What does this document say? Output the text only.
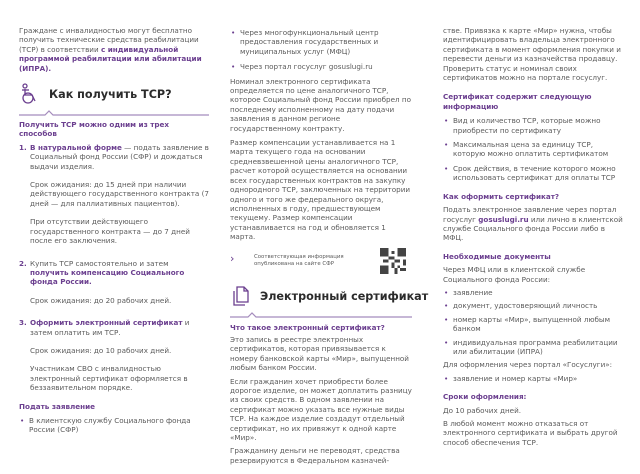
Граждане с инвалидностью могут бесплатно получить технические средства реабилитации (ТСР) в соответствии с индивидуальной программой реабилитации или абилитации (ИПРА).

Как получить ТСР?

Получить ТСР можно одним из трех способов

1. В натуральной форме — подать заявление в Социальный фонд России (СФР) и дождаться выдачи изделия.

Срок ожидания: до 15 дней при наличии действующего государственного контракта (7 дней — для паллиативных пациентов).

При отсутствии действующего государственного контракта — до 7 дней после его заключения.

2. Купить ТСР самостоятельно и затем получить компенсацию Социального фонда России.

Срок ожидания: до 20 рабочих дней.

3. Оформить электронный сертификат и затем оплатить им ТСР.

Срок ожидания: до 10 рабочих дней.

Участникам СВО с инвалидностью электронный сертификат оформляется в беззаявительном порядке.

Подать заявление

• В клиентскую службу Социального фонда России (СФР)
• Через многофункциональный центр предоставления государственных и муниципальных услуг (МФЦ)
• Через портал госуслуг gosuslugi.ru

Номинал электронного сертификата определяется по цене аналогичного ТСР, которое Социальный фонд России приобрел по последнему исполненному на дату подачи заявления в данном регионе государственному контракту.

Размер компенсации устанавливается на 1 марта текущего года на основании средневзвешенной цены аналогичного ТСР, расчет которой осуществляется на основании всех государственных контрактов на закупку однородного ТСР, заключенных на территории одного и того же федерального округа, исполненных в году, предшествующем текущему. Размер компенсации устанавливается на год и обновляется 1 марта.

›	Соответствующая информация опубликована на сайте СФР
Электронный сертификат

Что такое электронный сертификат?

Это запись в реестре электронных сертификатов, которая привязывается к номеру банковской карты «Мир», выпущенной любым банком России.

Если гражданин хочет приобрести более дорогое изделие, он может доплатить разницу из своих средств. В одном заявлении на сертификат можно указать все нужные виды ТСР. На каждое изделие создадут отдельный сертификат, но их привяжут к одной карте «Мир».

Гражданину деньги не переводят, средства резервируются в Федеральном казначей-

стве. Привязка к карте «Мир» нужна, чтобы идентифицировать владельца электронного сертификата в момент оформления покупки и перевести деньги из казначейства продавцу. Проверить статус и номинал своих сертификатов можно на портале госуслуг.

Сертификат содержит следующую информацию

• Вид и количество ТСР, которые можно приобрести по сертификату
• Максимальная цена за единицу ТСР, которую можно оплатить сертификатом
• Срок действия, в течение которого можно использовать сертификат для оплаты ТСР

Как оформить сертификат?

Подать электронное заявление через портал госуслуг gosuslugi.ru или лично в клиентской службе Социального фонда России либо в МФЦ.

Необходимые документы

Через МФЦ или в клиентской службе Социального фонда России:

• заявление
• документ, удостоверяющий личность
• номер карты «Мир», выпущенной любым банком
• индивидуальная программа реабилитации или абилитации (ИПРА)

Для оформления через портал «Госуслуги»:

• заявление и номер карты «Мир»

Сроки оформления:

До 10 рабочих дней.

В любой момент можно отказаться от электронного сертификата и выбрать другой способ обеспечения ТСР.
